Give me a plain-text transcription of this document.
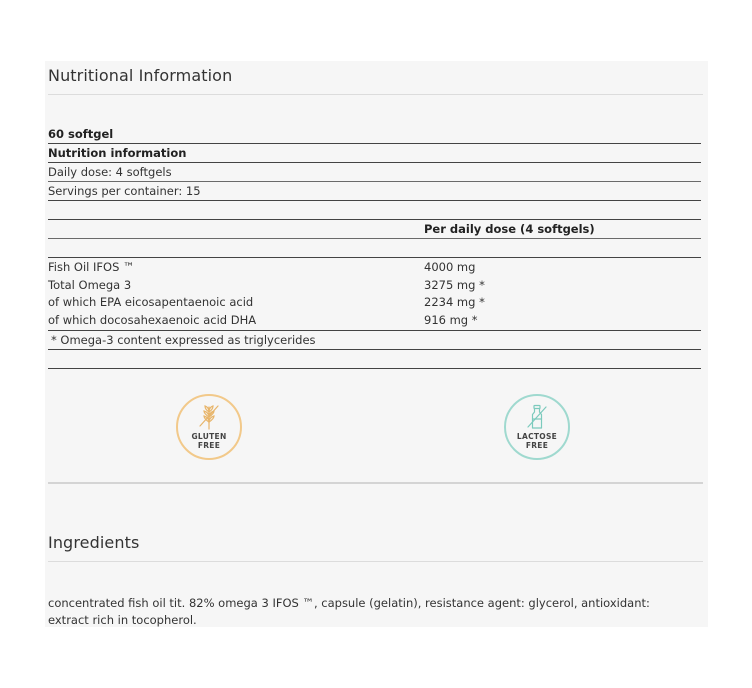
Nutritional Information
60 softgel
Nutrition information
Daily dose: 4 softgels
Servings per container: 15
Per daily dose (4 softgels)
Fish Oil IFOS ™	4000 mg
Total Omega 3	3275 mg *
of which EPA eicosapentaenoic acid	2234 mg *
of which docosahexaenoic acid DHA	916 mg *
* Omega-3 content expressed as triglycerides
GLUTEN
FREE
LACTOSE
FREE
Ingredients
concentrated fish oil tit. 82% omega 3 IFOS ™, capsule (gelatin), resistance agent: glycerol, antioxidant: extract rich in tocopherol.
